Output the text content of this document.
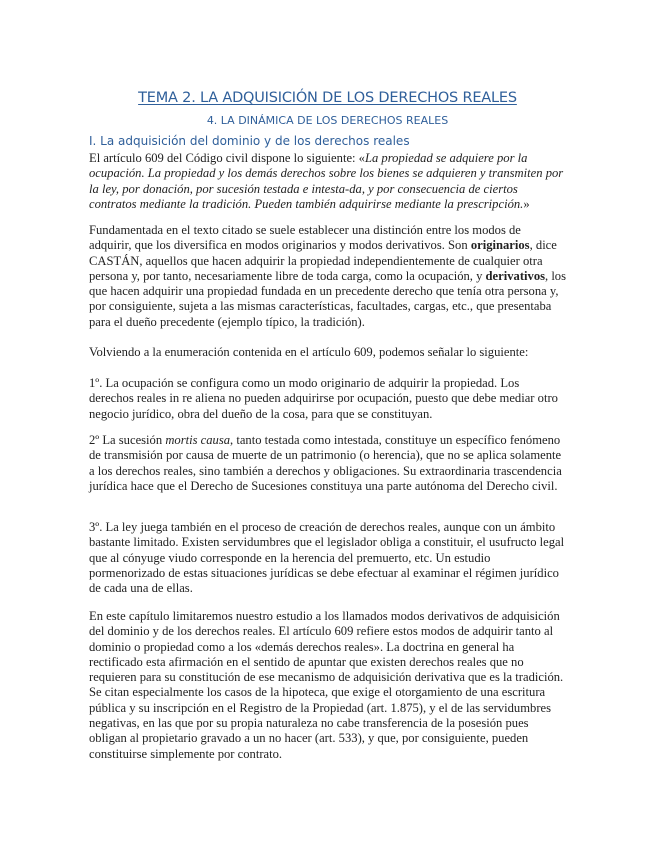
TEMA 2. LA ADQUISICIÓN DE LOS DERECHOS REALES
4. LA DINÁMICA DE LOS DERECHOS REALES
I. La adquisición del dominio y de los derechos reales

El artículo 609 del Código civil dispone lo siguiente: «La propiedad se adquiere por la ocupación. La propiedad y los demás derechos sobre los bienes se adquieren y transmiten por la ley, por donación, por sucesión testada e intesta-da, y por consecuencia de ciertos contratos mediante la tradición. Pueden también adquirirse mediante la prescripción.»

Fundamentada en el texto citado se suele establecer una distinción entre los modos de adquirir, que los diversifica en modos originarios y modos derivativos. Son originarios, dice CASTÁN, aquellos que hacen adquirir la propiedad independientemente de cualquier otra persona y, por tanto, necesariamente libre de toda carga, como la ocupación, y derivativos, los que hacen adquirir una propiedad fundada en un precedente derecho que tenía otra persona y, por consiguiente, sujeta a las mismas características, facultades, cargas, etc., que presentaba para el dueño precedente (ejemplo típico, la tradición).

Volviendo a la enumeración contenida en el artículo 609, podemos señalar lo siguiente:

1º. La ocupación se configura como un modo originario de adquirir la propiedad. Los derechos reales in re aliena no pueden adquirirse por ocupación, puesto que debe mediar otro negocio jurídico, obra del dueño de la cosa, para que se constituyan.

2º La sucesión mortis causa, tanto testada como intestada, constituye un específico fenómeno de transmisión por causa de muerte de un patrimonio (o herencia), que no se aplica solamente a los derechos reales, sino también a derechos y obligaciones. Su extraordinaria trascendencia jurídica hace que el Derecho de Sucesiones constituya una parte autónoma del Derecho civil.

3º. La ley juega también en el proceso de creación de derechos reales, aunque con un ámbito bastante limitado. Existen servidumbres que el legislador obliga a constituir, el usufructo legal que al cónyuge viudo corresponde en la herencia del premuerto, etc. Un estudio pormenorizado de estas situaciones jurídicas se debe efectuar al examinar el régimen jurídico de cada una de ellas.

En este capítulo limitaremos nuestro estudio a los llamados modos derivativos de adquisición del dominio y de los derechos reales. El artículo 609 refiere estos modos de adquirir tanto al dominio o propiedad como a los «demás derechos reales». La doctrina en general ha rectificado esta afirmación en el sentido de apuntar que existen derechos reales que no requieren para su constitución de ese mecanismo de adquisición derivativa que es la tradición. Se citan especialmente los casos de la hipoteca, que exige el otorgamiento de una escritura pública y su inscripción en el Registro de la Propiedad (art. 1.875), y el de las servidumbres negativas, en las que por su propia naturaleza no cabe transferencia de la posesión pues obligan al propietario gravado a un no hacer (art. 533), y que, por consiguiente, pueden constituirse simplemente por contrato.
